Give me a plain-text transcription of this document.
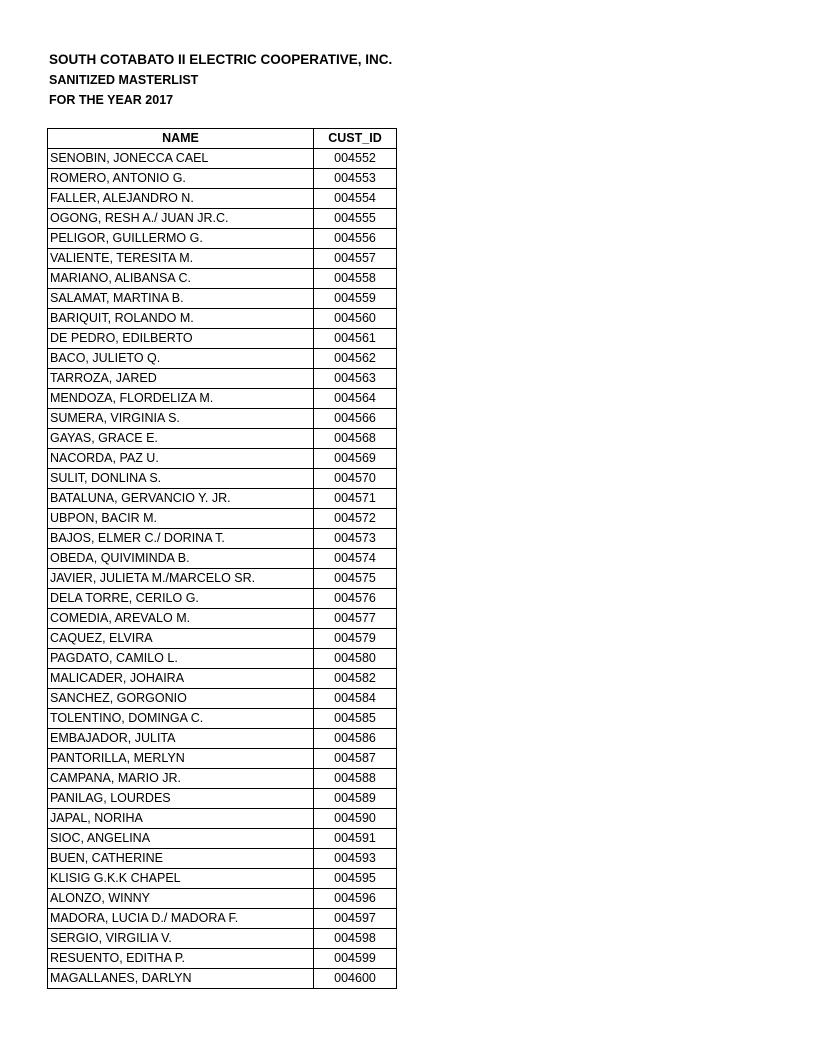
SOUTH COTABATO II ELECTRIC COOPERATIVE, INC.
SANITIZED MASTERLIST
FOR THE YEAR 2017
NAME	CUST_ID
SENOBIN, JONECCA CAEL	004552
ROMERO, ANTONIO G.	004553
FALLER, ALEJANDRO N.	004554
OGONG, RESH A./ JUAN JR.C.	004555
PELIGOR, GUILLERMO G.	004556
VALIENTE, TERESITA M.	004557
MARIANO, ALIBANSA C.	004558
SALAMAT, MARTINA B.	004559
BARIQUIT, ROLANDO M.	004560
DE PEDRO, EDILBERTO	004561
BACO, JULIETO Q.	004562
TARROZA, JARED	004563
MENDOZA, FLORDELIZA M.	004564
SUMERA, VIRGINIA S.	004566
GAYAS, GRACE E.	004568
NACORDA, PAZ U.	004569
SULIT, DONLINA S.	004570
BATALUNA, GERVANCIO Y. JR.	004571
UBPON, BACIR M.	004572
BAJOS, ELMER C./ DORINA T.	004573
OBEDA, QUIVIMINDA B.	004574
JAVIER, JULIETA M./MARCELO SR.	004575
DELA TORRE, CERILO G.	004576
COMEDIA, AREVALO M.	004577
CAQUEZ, ELVIRA	004579
PAGDATO, CAMILO L.	004580
MALICADER, JOHAIRA	004582
SANCHEZ, GORGONIO	004584
TOLENTINO, DOMINGA C.	004585
EMBAJADOR, JULITA	004586
PANTORILLA, MERLYN	004587
CAMPANA, MARIO JR.	004588
PANILAG, LOURDES	004589
JAPAL, NORIHA	004590
SIOC, ANGELINA	004591
BUEN, CATHERINE	004593
KLISIG G.K.K CHAPEL	004595
ALONZO, WINNY	004596
MADORA, LUCIA D./ MADORA F.	004597
SERGIO, VIRGILIA V.	004598
RESUENTO, EDITHA P.	004599
MAGALLANES, DARLYN	004600
